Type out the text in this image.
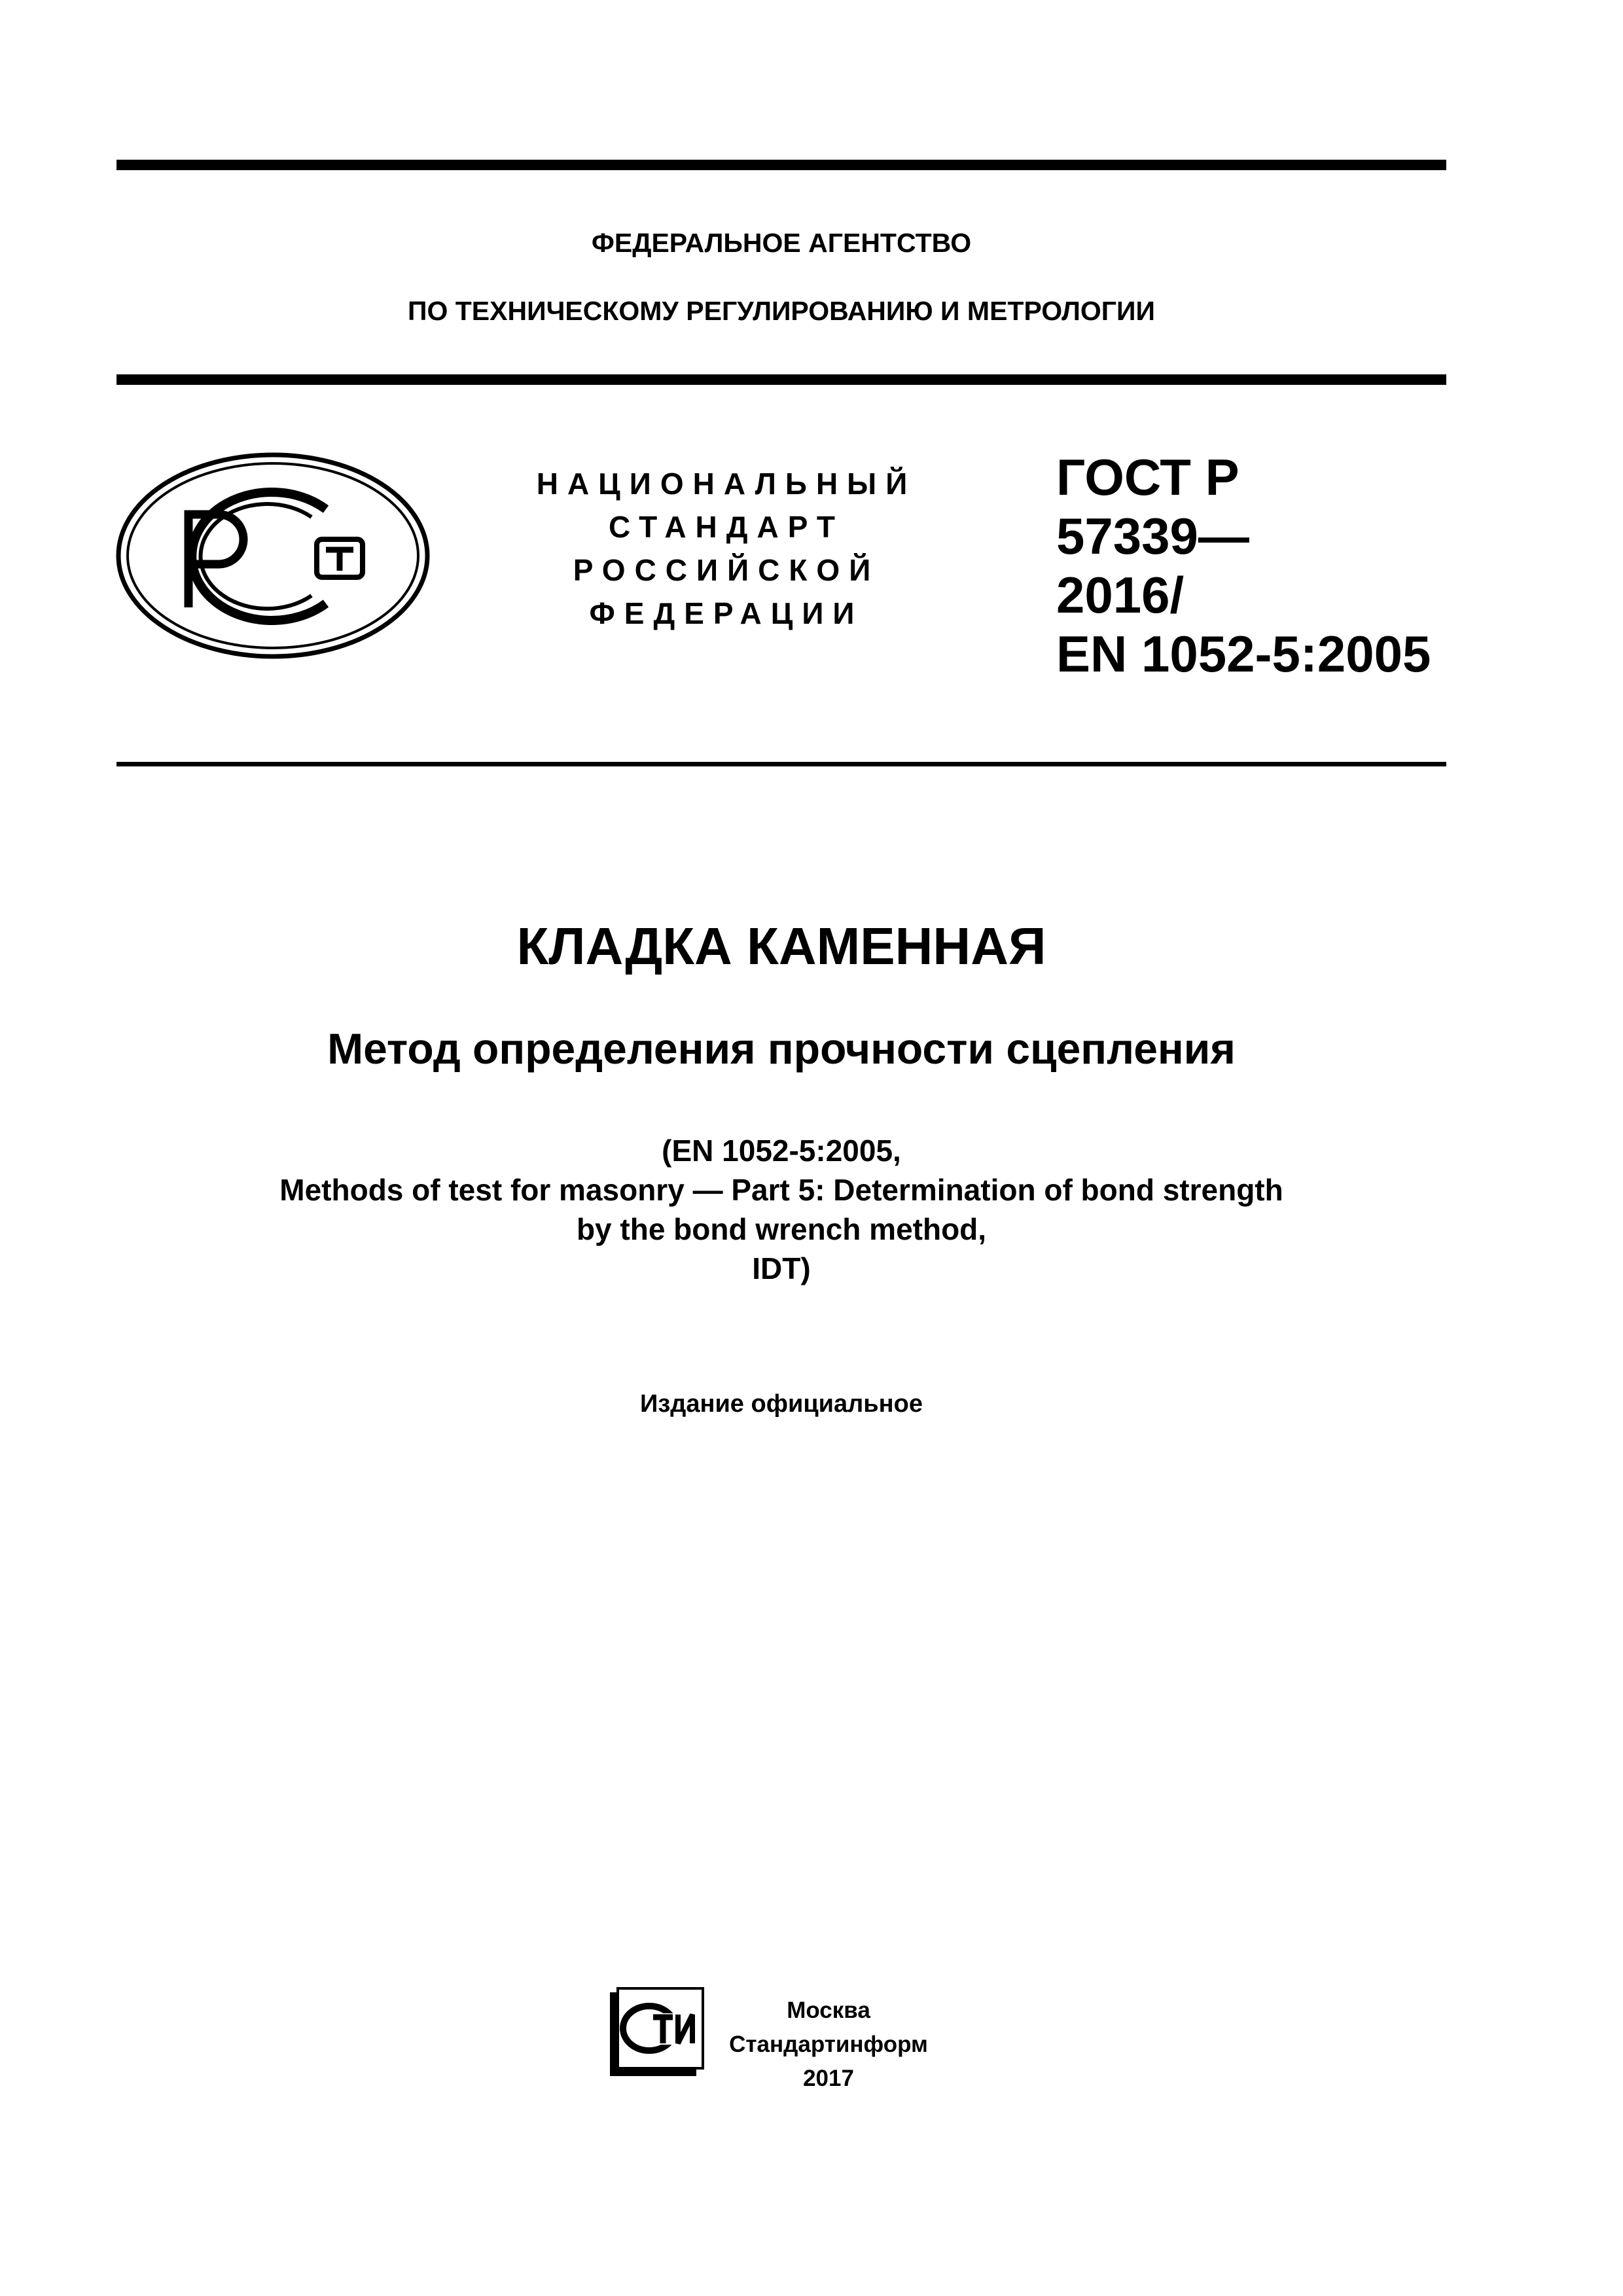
ФЕДЕРАЛЬНОЕ АГЕНТСТВО
ПО ТЕХНИЧЕСКОМУ РЕГУЛИРОВАНИЮ И МЕТРОЛОГИИ
НАЦИОНАЛЬНЫЙ
СТАНДАРТ
РОССИЙСКОЙ
ФЕДЕРАЦИИ
ГОСТ Р
57339—
2016/
EN 1052-5:2005
КЛАДКА КАМЕННАЯ
Метод определения прочности сцепления
(EN 1052-5:2005,
Methods of test for masonry — Part 5: Determination of bond strength
by the bond wrench method,
IDT)
Издание официальное
Москва
Стандартинформ
2017
